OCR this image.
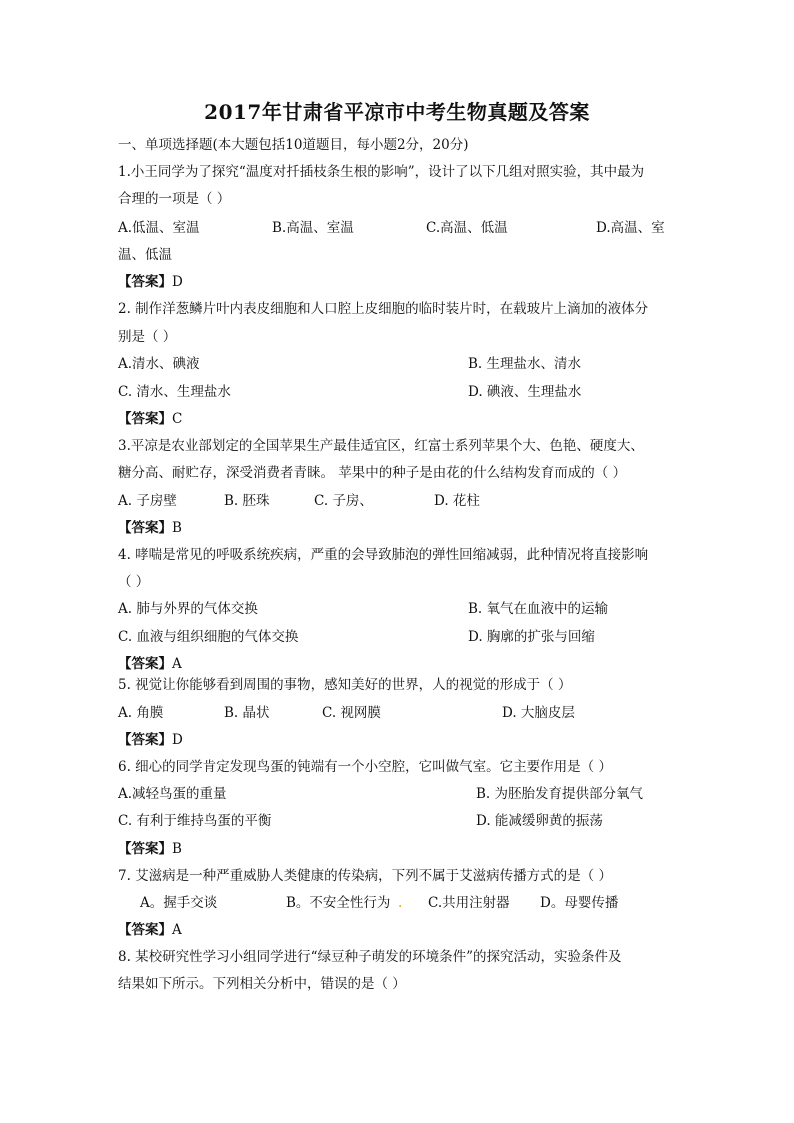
2017年甘肃省平凉市中考生物真题及答案
一、单项选择题(本大题包括10道题目，每小题2分，20分)
1.小王同学为了探究“温度对扦插枝条生根的影响”，设计了以下几组对照实验，其中最为
合理的一项是（ ）
A.低温、室温	B.高温、室温	C.高温、低温	D.高温、室
温、低温
【答案】D
2. 制作洋葱鳞片叶内表皮细胞和人口腔上皮细胞的临时装片时，在载玻片上滴加的液体分
别是（ ）
A.清水、碘液	B. 生理盐水、清水
C. 清水、生理盐水	D. 碘液、生理盐水
【答案】C
3.平凉是农业部划定的全国苹果生产最佳适宜区，红富士系列苹果个大、色艳、硬度大、
糖分高、耐贮存，深受消费者青睐。 苹果中的种子是由花的什么结构发育而成的（ ）
A. 子房壁	B. 胚珠	C. 子房、	D. 花柱
【答案】B
4. 哮喘是常见的呼吸系统疾病，严重的会导致肺泡的弹性回缩减弱，此种情况将直接影响
（ ）
A. 肺与外界的气体交换	B. 氧气在血液中的运输
C. 血液与组织细胞的气体交换	D. 胸廓的扩张与回缩
【答案】A
5. 视觉让你能够看到周围的事物，感知美好的世界，人的视觉的形成于（ ）
A. 角膜	B. 晶状	C. 视网膜	D. 大脑皮层
【答案】D
6. 细心的同学肯定发现鸟蛋的钝端有一个小空腔，它叫做气室。它主要作用是（ ）
A.减轻鸟蛋的重量	B. 为胚胎发育提供部分氧气
C. 有利于维持鸟蛋的平衡	D. 能减缓卵黄的振荡
【答案】B
7. 艾滋病是一种严重威胁人类健康的传染病，下列不属于艾滋病传播方式的是（ ）
A。握手交谈	B。不安全性行为 . C.共用注射器 D。母婴传播
【答案】A
8. 某校研究性学习小组同学进行“绿豆种子萌发的环境条件”的探究活动，实验条件及
结果如下所示。下列相关分析中，错误的是（ ）
